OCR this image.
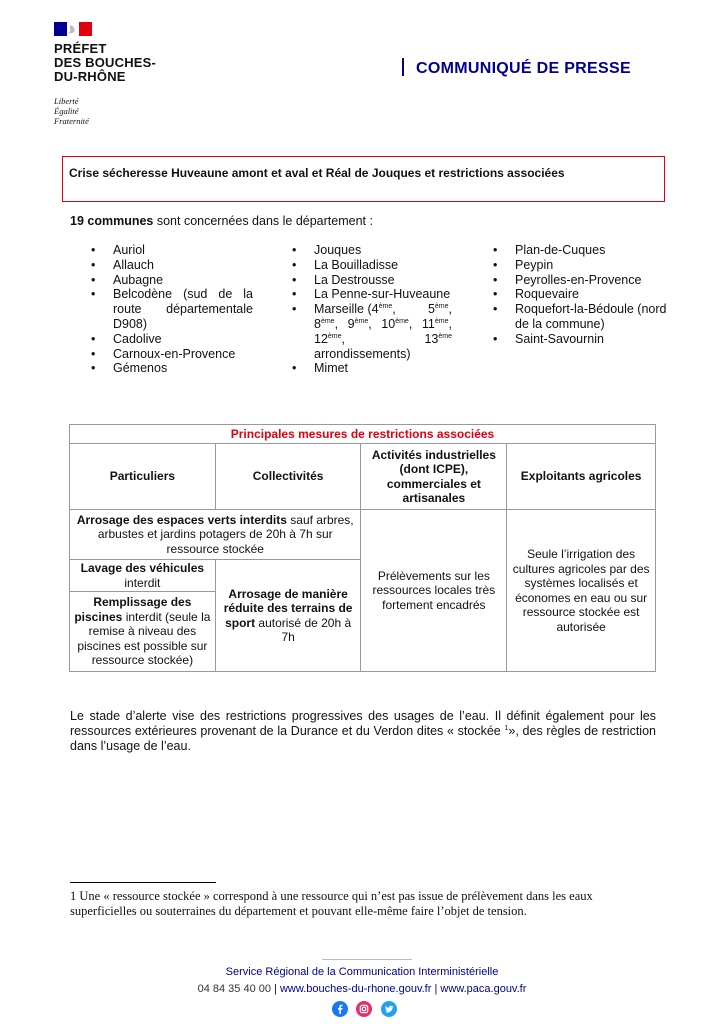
PRÉFET
DES BOUCHES-
DU-RHÔNE
Liberté
Égalité
Fraternité
COMMUNIQUÉ DE PRESSE
Crise sécheresse Huveaune amont et aval et Réal de Jouques et restrictions associées
19 communes sont concernées dans le département :
• Auriol
• Allauch
• Aubagne
• Belcodène (sud de la route départementale D908)
• Cadolive
• Carnoux-en-Provence
• Gémenos
• Jouques
• La Bouilladisse
• La Destrousse
• La Penne-sur-Huveaune
• Marseille (4ème,	5ème,
8ème, 9ème, 10ème, 11ème,
12ème,	13ème
arrondissements)
• Mimet
• Plan-de-Cuques
• Peypin
• Peyrolles-en-Provence
• Roquevaire
• Roquefort-la-Bédoule (nord de la commune)
• Saint-Savournin
Principales mesures de restrictions associées			
Particuliers	Collectivités	Activités industrielles (dont ICPE), commerciales et artisanales	Exploitants agricoles
Arrosage des espaces verts interdits sauf arbres, arbustes et jardins potagers de 20h à 7h sur ressource stockée		Prélèvements sur les ressources locales très fortement encadrés	Seule l’irrigation des cultures agricoles par des systèmes localisés et économes en eau ou sur ressource stockée est autorisée
Lavage des véhicules interdit	Arrosage de manière réduite des terrains de sport autorisé de 20h à 7h		
Remplissage des piscines interdit (seule la remise à niveau des piscines est possible sur ressource stockée)			
Le stade d’alerte vise des restrictions progressives des usages de l’eau. Il définit également pour les ressources extérieures provenant de la Durance et du Verdon dites « stockée $^1$», des règles de restriction dans l’usage de l’eau.
1 Une « ressource stockée » correspond à une ressource qui n’est pas issue de prélèvement dans les eaux superficielles ou souterraines du département et pouvant elle-même faire l’objet de tension.
Service Régional de la Communication Interministérielle
04 84 35 40 00 | www.bouches-du-rhone.gouv.fr | www.paca.gouv.fr
